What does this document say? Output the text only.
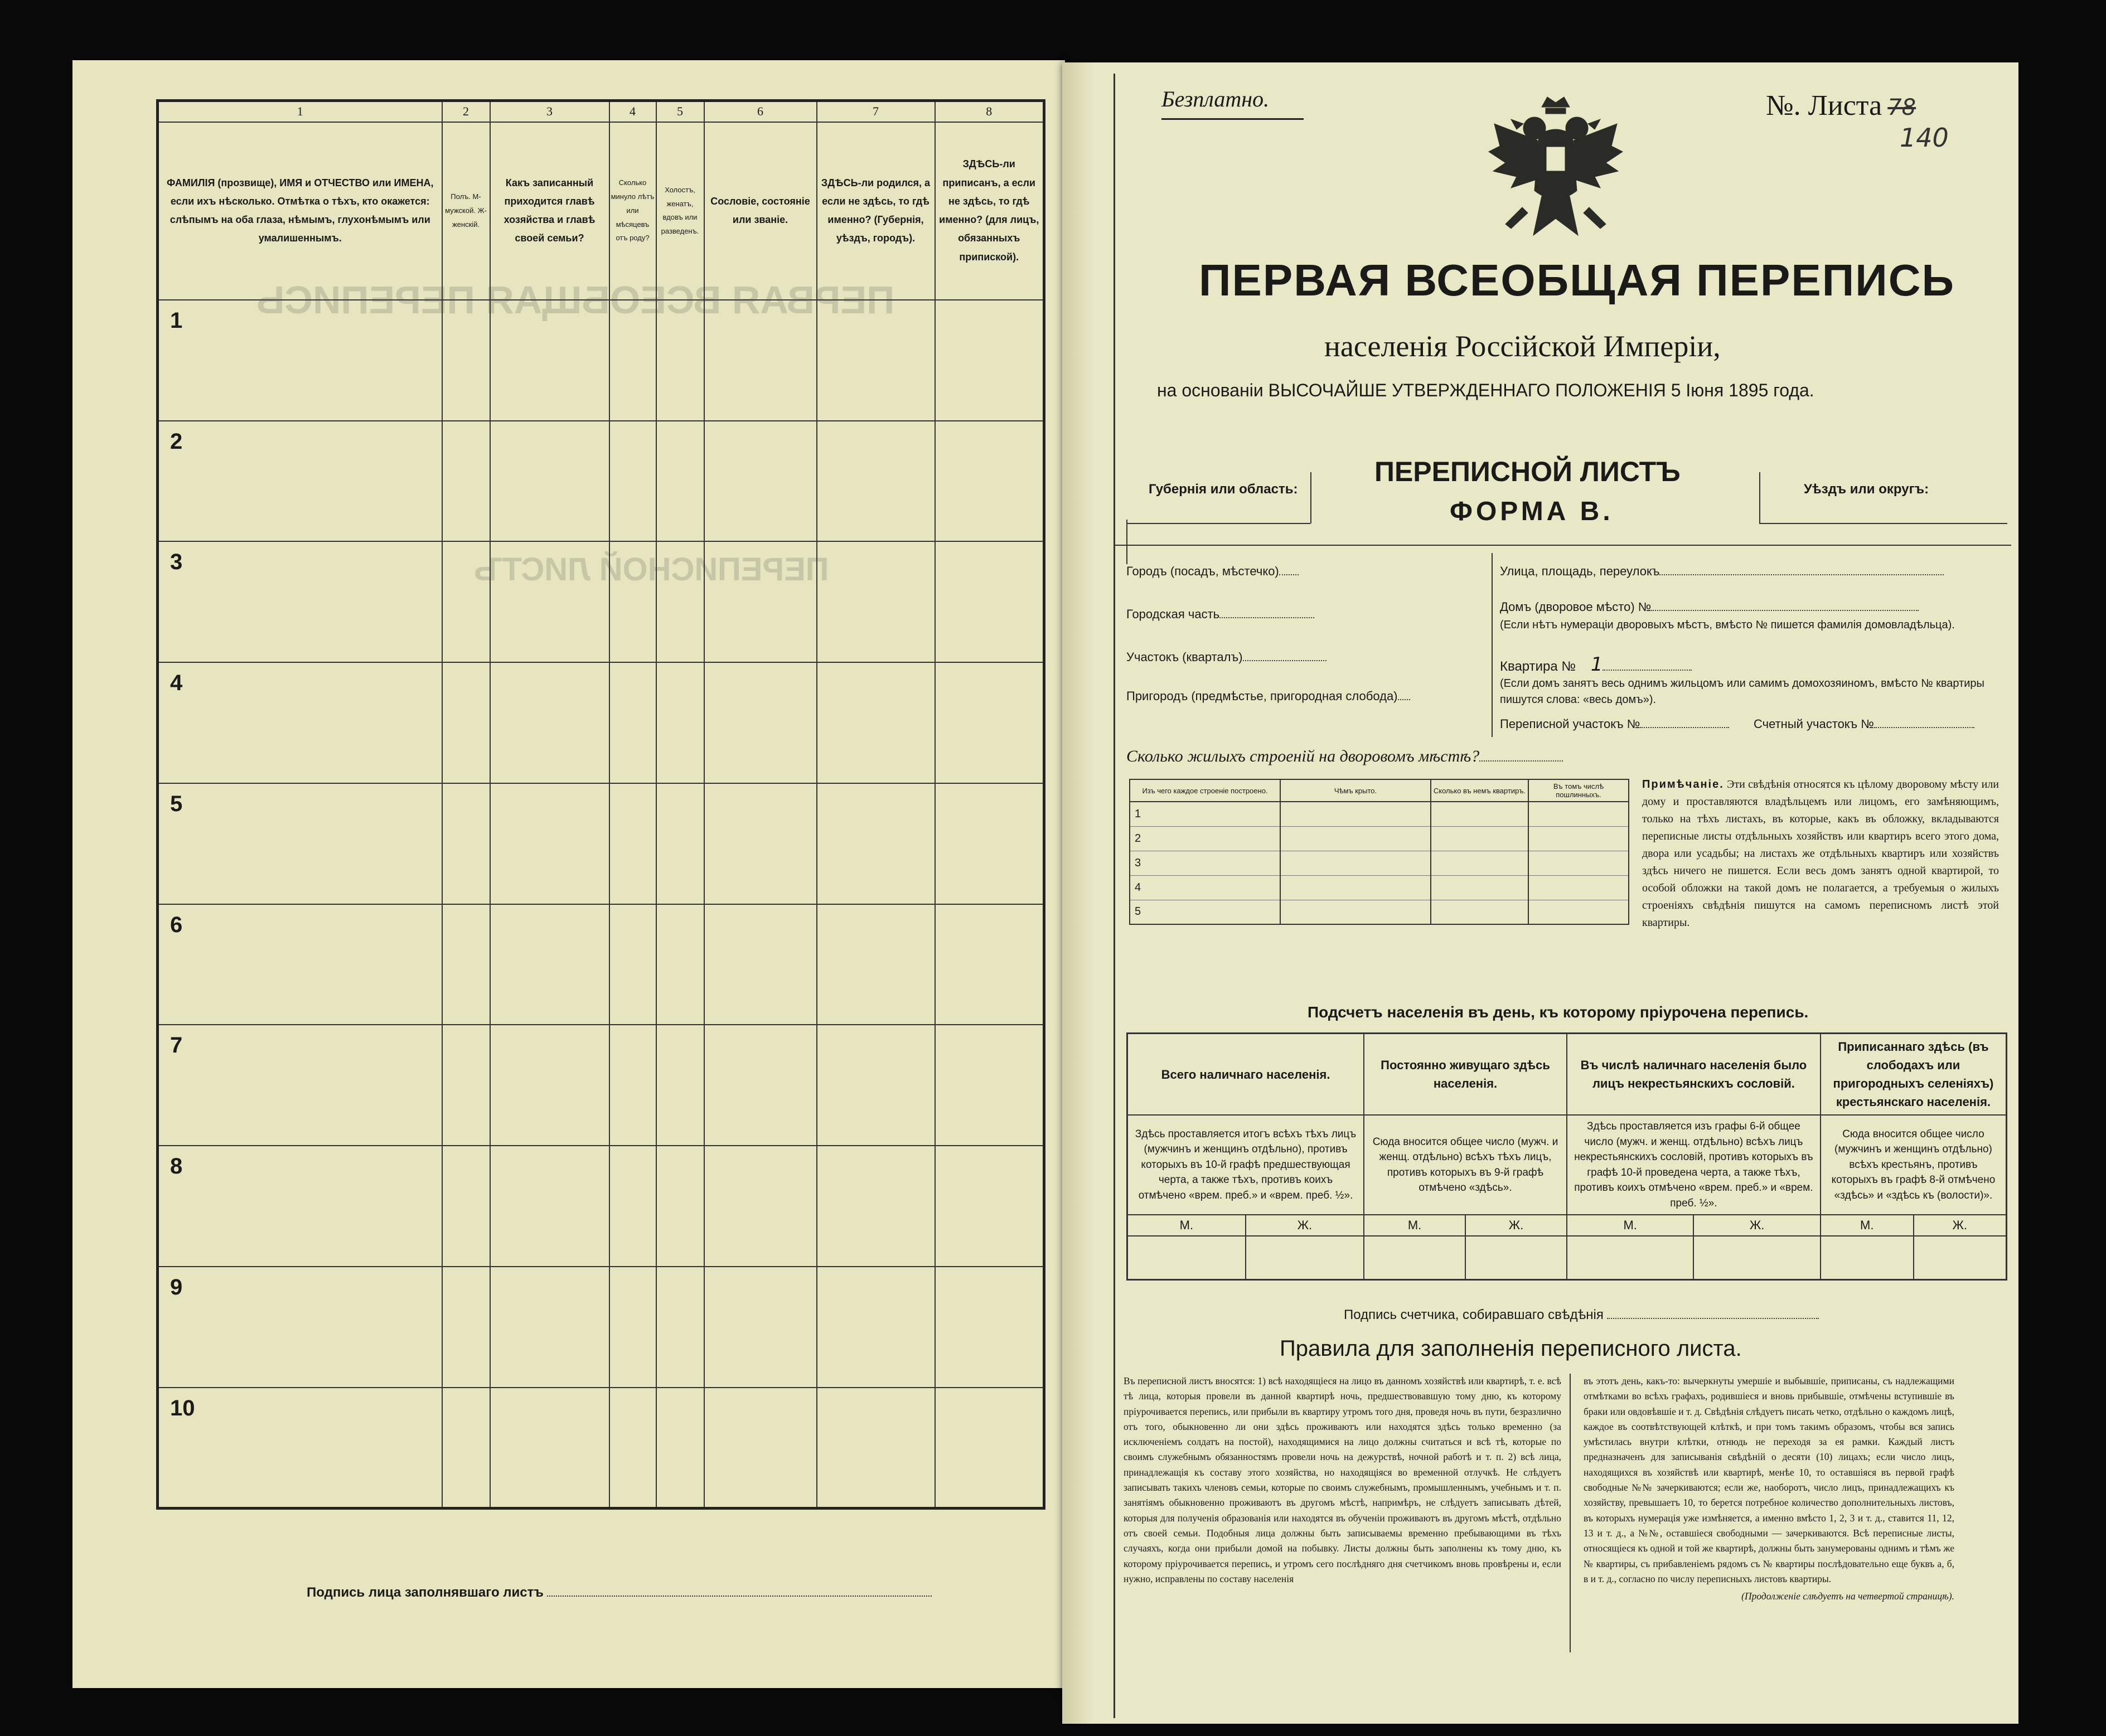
ПЕРВАЯ ВСЕОБЩАЯ ПЕРЕПИСЬ
ПЕРЕПИСНОЙ ЛИСТЪ
1	2	3	4	5	6	7	8
ФАМИЛІЯ (прозвище), ИМЯ и ОТЧЕСТВО или ИМЕНА, если ихъ нѣсколько. Отмѣтка о тѣхъ, кто окажется: слѣпымъ на оба глаза, нѣмымъ, глухонѣмымъ или умалишеннымъ.	Полъ. М-мужской. Ж-женскій.	Какъ записанный приходится главѣ хозяйства и главѣ своей семьи?	Сколько минуло лѣтъ или мѣсяцевъ отъ роду?	Холостъ, женатъ, вдовъ или разведенъ.	Сословіе, состояніе или званіе.	ЗДѢСЬ-ли родился, а если не здѣсь, то гдѣ именно? (Губернія, уѣздъ, городъ).	ЗДѢСЬ-ли приписанъ, а если не здѣсь, то гдѣ именно? (для лицъ, обязанныхъ припиской).
1							
2							
3							
4							
5							
6							
7							
8							
9							
10							
Подпись лица заполнявшаго листъ
Безплатно.	№. Листа 78
140
ПЕРВАЯ ВСЕОБЩАЯ ПЕРЕПИСЬ
населенія Россійской Имперіи,
на основаніи ВЫСОЧАЙШЕ УТВЕРЖДЕННАГО ПОЛОЖЕНІЯ 5 Іюня 1895 года.
Губернія или область:
ПЕРЕПИСНОЙ ЛИСТЪ
ФОРМА В.
Уѣздъ или округъ:
Городъ (посадъ, мѣстечко)
Городская часть
Участокъ (кварталъ)
Пригородъ (предмѣстье, пригородная слобода)
Улица, площадь, переулокъ
Домъ (дворовое мѣсто) №
(Если нѣтъ нумераціи дворовыхъ мѣстъ, вмѣсто № пишется фамилія домовладѣльца).
Квартира № 1
(Если домъ занятъ весь однимъ жильцомъ или самимъ домохозяиномъ, вмѣсто № квартиры пишутся слова: «весь домъ»).
Переписной участокъ №	Счетный участокъ №
Сколько жилыхъ строеній на дворовомъ мѣстѣ?
Изъ чего каждое строеніе построено.	Чѣмъ крыто.	Сколько въ немъ квартиръ.	Въ томъ числѣ пошлинныхъ.
1			
2			
3			
4			
5			
Примѣчаніе. Эти свѣдѣнія относятся къ цѣлому дворовому мѣсту или дому и проставляются владѣльцемъ или лицомъ, его замѣняющимъ, только на тѣхъ листахъ, въ которые, какъ въ обложку, вкладываются переписные листы отдѣльныхъ хозяйствъ или квартиръ всего этого дома, двора или усадьбы; на листахъ же отдѣльныхъ квартиръ или хозяйствъ здѣсь ничего не пишется. Если весь домъ занятъ одной квартирой, то особой обложки на такой домъ не полагается, а требуемыя о жилыхъ строеніяхъ свѣдѣнія пишутся на самомъ переписномъ листѣ этой квартиры.
Подсчетъ населенія въ день, къ которому пріурочена перепись.
Всего наличнаго населенія.		Постоянно живущаго здѣсь населенія.		Въ числѣ наличнаго населенія было лицъ некрестьянскихъ сословій.		Приписаннаго здѣсь (въ слободахъ или пригородныхъ селеніяхъ) крестьянскаго населенія.	
Здѣсь проставляется итогъ всѣхъ тѣхъ лицъ (мужчинъ и женщинъ отдѣльно), противъ которыхъ въ 10-й графѣ предшествующая черта, а также тѣхъ, противъ коихъ отмѣчено «врем. преб.» и «врем. преб. ½».		Сюда вносится общее число (мужч. и женщ. отдѣльно) всѣхъ тѣхъ лицъ, противъ которыхъ въ 9-й графѣ отмѣчено «здѣсь».		Здѣсь проставляется изъ графы 6-й общее число (мужч. и женщ. отдѣльно) всѣхъ лицъ некрестьянскихъ сословій, противъ которыхъ въ графѣ 10-й проведена черта, а также тѣхъ, противъ коихъ отмѣчено «врем. преб.» и «врем. преб. ½».		Сюда вносится общее число (мужчинъ и женщинъ отдѣльно) всѣхъ крестьянъ, противъ которыхъ въ графѣ 8-й отмѣчено «здѣсь» и «здѣсь къ (волости)».	
М.	Ж.	М.	Ж.	М.	Ж.	М.	Ж.

Подпись счетчика, собиравшаго свѣдѣнія
Правила для заполненія переписного листа.
Въ переписной листъ вносятся: 1) всѣ находящіеся на лицо въ данномъ хозяйствѣ или квартирѣ, т. е. всѣ тѣ лица, которыя провели въ данной квартирѣ ночь, предшествовавшую тому дню, къ которому пріурочивается перепись, или прибыли въ квартиру утромъ того дня, проведя ночь въ пути, безразлично отъ того, обыкновенно ли они здѣсь проживаютъ или находятся здѣсь только временно (за исключеніемъ солдатъ на постой), находящимися на лицо должны считаться и всѣ тѣ, которые по своимъ служебнымъ обязанностямъ провели ночь на дежурствѣ, ночной работѣ и т. п. 2) всѣ лица, принадлежащія къ составу этого хозяйства, но находящіяся во временной отлучкѣ. Не слѣдуетъ записывать такихъ членовъ семьи, которые по своимъ служебнымъ, промышленнымъ, учебнымъ и т. п. занятіямъ обыкновенно проживаютъ въ другомъ мѣстѣ, напримѣръ, не слѣдуетъ записывать дѣтей, которыя для полученія образованія или находятся въ обученіи проживаютъ въ другомъ мѣстѣ, отдѣльно отъ своей семьи. Подобныя лица должны быть записываемы временно пребывающими въ тѣхъ случаяхъ, когда они прибыли домой на побывку. Листы должны быть заполнены къ тому дню, къ которому пріурочивается перепись, и утромъ сего послѣдняго дня счетчикомъ вновь провѣрены и, если нужно, исправлены по составу населенія
въ этотъ день, какъ-то: вычеркнуты умершіе и выбывшіе, приписаны, съ надлежащими отмѣтками во всѣхъ графахъ, родившіеся и вновь прибывшіе, отмѣчены вступившіе въ браки или овдовѣвшіе и т. д. Свѣдѣнія слѣдуетъ писать четко, отдѣльно о каждомъ лицѣ, каждое въ соотвѣтствующей клѣткѣ, и при томъ такимъ образомъ, чтобы вся запись умѣстилась внутри клѣтки, отнюдь не переходя за ея рамки. Каждый листъ предназначенъ для записыванія свѣдѣній о десяти (10) лицахъ; если число лицъ, находящихся въ хозяйствѣ или квартирѣ, менѣе 10, то оставшіяся въ первой графѣ свободные №№ зачеркиваются; если же, наоборотъ, число лицъ, принадлежащихъ къ хозяйству, превышаетъ 10, то берется потребное количество дополнительныхъ листовъ, въ которыхъ нумерація уже измѣняется, а именно вмѣсто 1, 2, 3 и т. д., ставится 11, 12, 13 и т. д., а №№, оставшіеся свободными — зачеркиваются. Всѣ переписные листы, относящіеся къ одной и той же квартирѣ, должны быть занумерованы однимъ и тѣмъ же № квартиры, съ прибавленіемъ рядомъ съ № квартиры послѣдовательно еще буквъ а, б, в и т. д., согласно по числу переписныхъ листовъ квартиры.
(Продолженіе слѣдуетъ на четвертой страницѣ).
